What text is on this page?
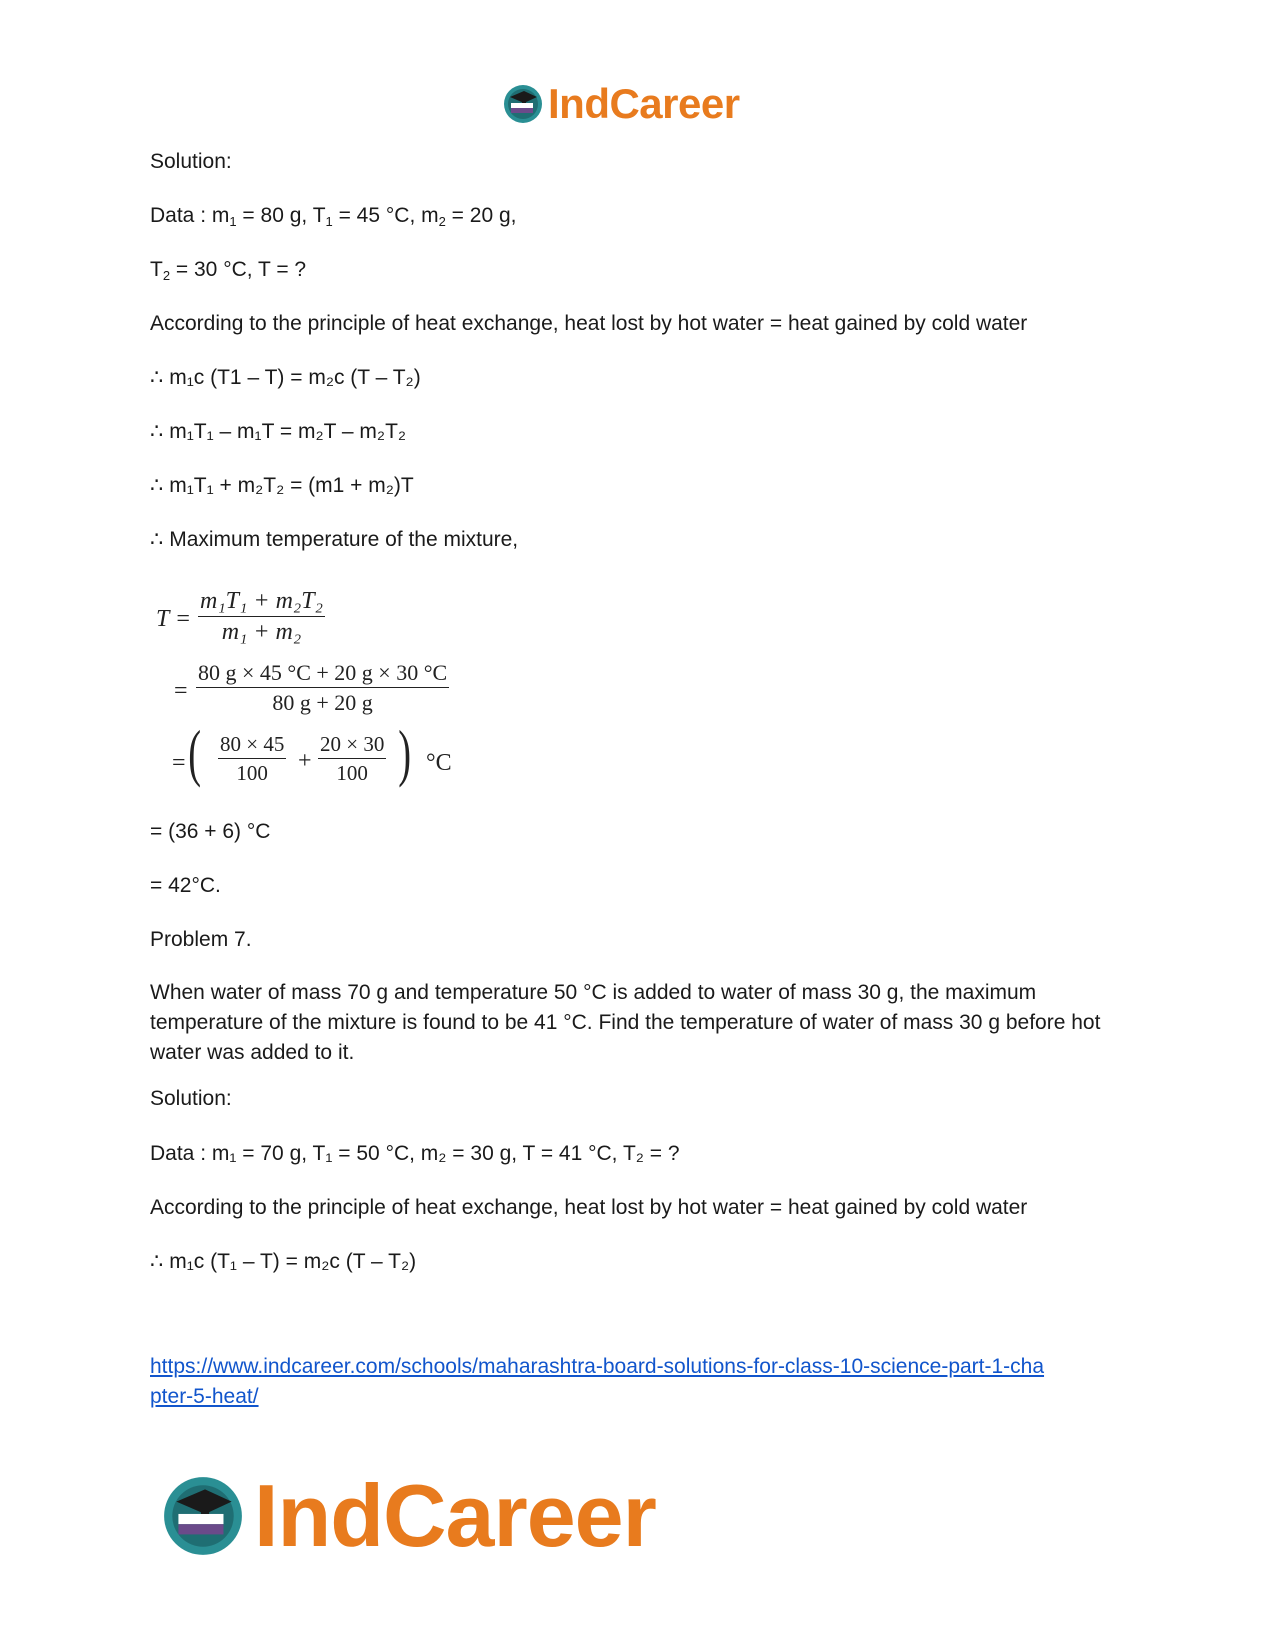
IndCareer
Solution:
Data : $m_1 = 80$ g, $T_1 = 45$ °C, $m_2 = 20$ g,
$T_2 = 30$ °C, T = ?
According to the principle of heat exchange, heat lost by hot water = heat gained by cold water
∴ m₁c (T1 – T) = m₂c (T – T₂)
∴ m₁T₁ – m₁T = m₂T – m₂T₂
∴ m₁T₁ + m₂T₂ = (m1 + m₂)T
∴ Maximum temperature of the mixture,
$T = \frac{\text{m₁T₁ + m₂T₂}}{\text{m₁ + m₂}}$
= $\frac{80 g \times 45 ^\circ C + 20 g \times 30 ^\circ C}{80 g + 20 g}$
= ( $\frac{80 \times 45}{100} + \frac{20 \times 30}{100}$ ) °C
= (36 + 6) °C
= 42°C.
Problem 7.
When water of mass 70 g and temperature 50 °C is added to water of mass 30 g, the maximum temperature of the mixture is found to be 41 °C. Find the temperature of water of mass 30 g before hot water was added to it.
Solution:
Data : m₁ = 70 g, T₁ = 50 °C, m₂ = 30 g, T = 41 °C, T₂ = ?
According to the principle of heat exchange, heat lost by hot water = heat gained by cold water
∴ m₁c (T₁ – T) = m₂c (T – T₂)
https://www.indcareer.com/schools/maharashtra-board-solutions-for-class-10-science-part-1-cha
pter-5-heat/
IndCareer
